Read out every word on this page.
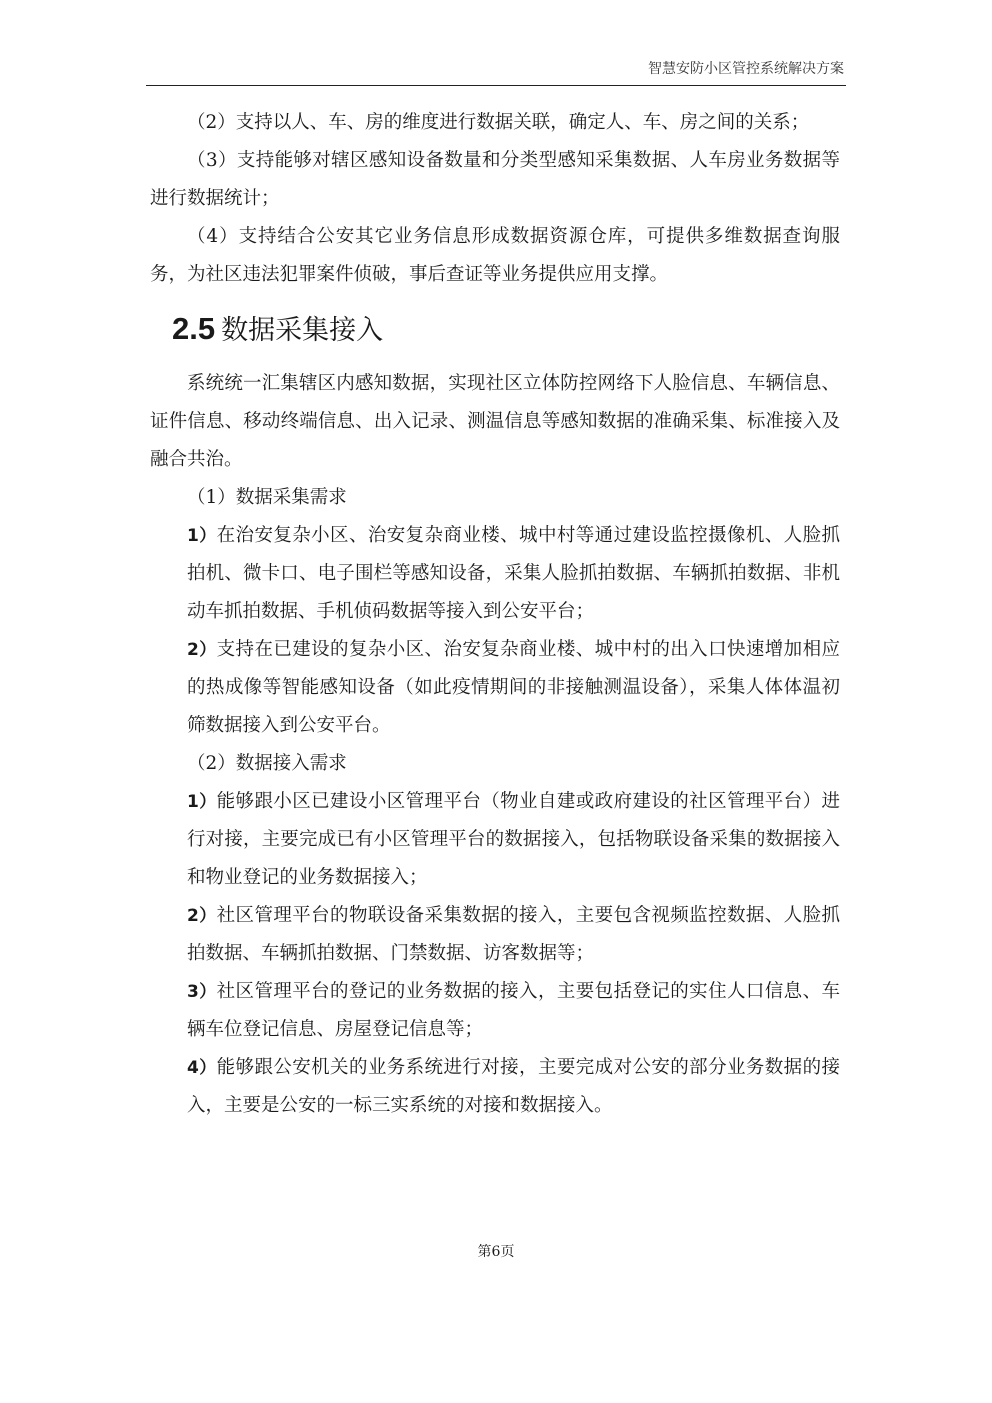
智慧安防小区管控系统解决方案

（2）支持以人、车、房的维度进行数据关联，确定人、车、房之间的关系；

（3）支持能够对辖区感知设备数量和分类型感知采集数据、人车房业务数据等进行数据统计；

（4）支持结合公安其它业务信息形成数据资源仓库，可提供多维数据查询服务，为社区违法犯罪案件侦破，事后查证等业务提供应用支撑。

2.5 数据采集接入

系统统一汇集辖区内感知数据，实现社区立体防控网络下人脸信息、车辆信息、证件信息、移动终端信息、出入记录、测温信息等感知数据的准确采集、标准接入及融合共治。

（1）数据采集需求

1）在治安复杂小区、治安复杂商业楼、城中村等通过建设监控摄像机、人脸抓拍机、微卡口、电子围栏等感知设备，采集人脸抓拍数据、车辆抓拍数据、非机动车抓拍数据、手机侦码数据等接入到公安平台；

2）支持在已建设的复杂小区、治安复杂商业楼、城中村的出入口快速增加相应的热成像等智能感知设备（如此疫情期间的非接触测温设备），采集人体体温初筛数据接入到公安平台。

（2）数据接入需求

1）能够跟小区已建设小区管理平台（物业自建或政府建设的社区管理平台）进行对接，主要完成已有小区管理平台的数据接入，包括物联设备采集的数据接入和物业登记的业务数据接入；

2）社区管理平台的物联设备采集数据的接入，主要包含视频监控数据、人脸抓拍数据、车辆抓拍数据、门禁数据、访客数据等；

3）社区管理平台的登记的业务数据的接入，主要包括登记的实住人口信息、车辆车位登记信息、房屋登记信息等；

4）能够跟公安机关的业务系统进行对接，主要完成对公安的部分业务数据的接入，主要是公安的一标三实系统的对接和数据接入。

第6页
